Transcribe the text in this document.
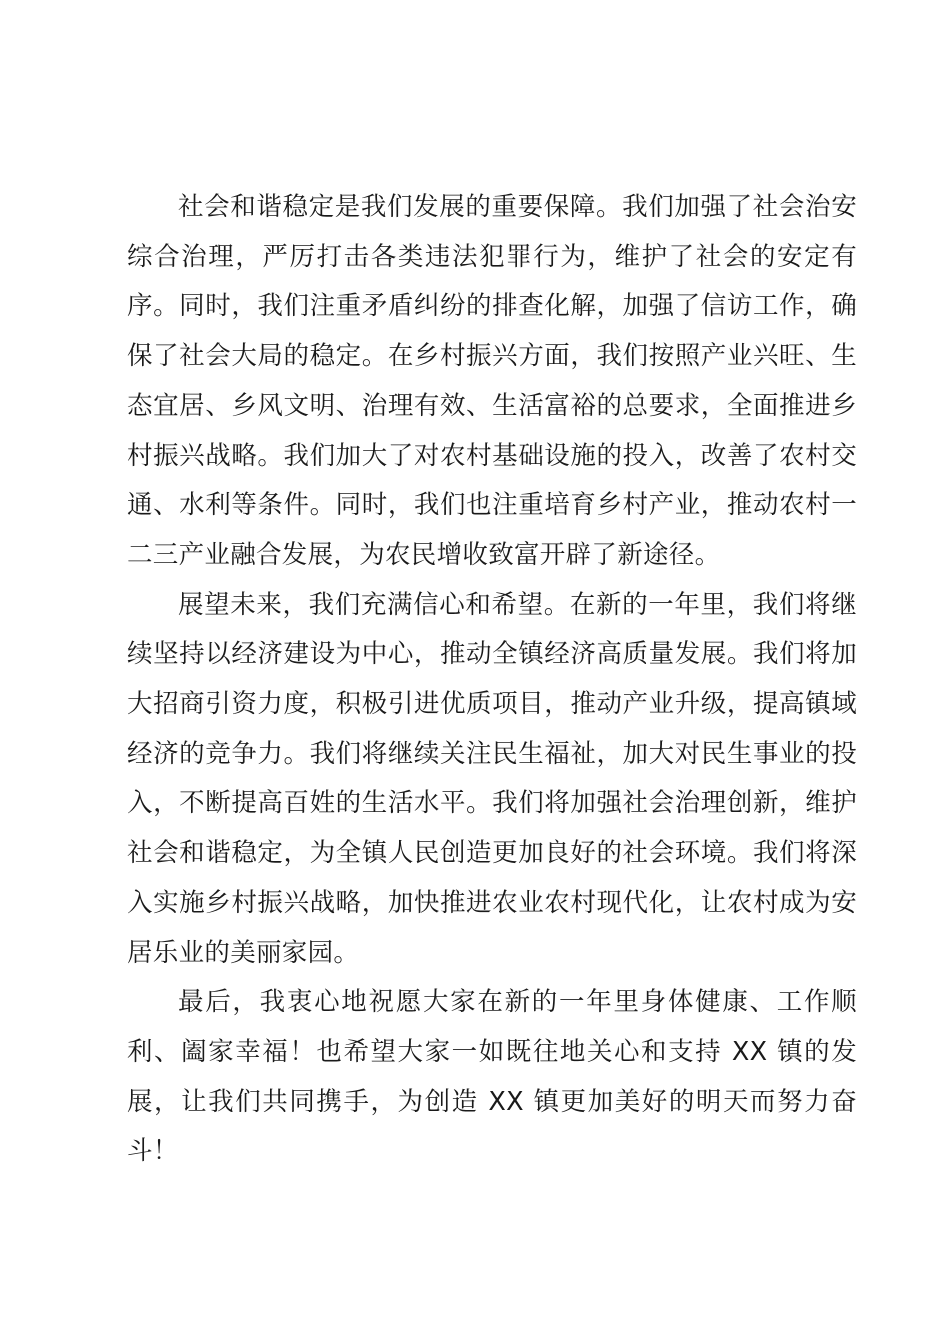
社会和谐稳定是我们发展的重要保障。我们加强了社会治安综合治理，严厉打击各类违法犯罪行为，维护了社会的安定有序。同时，我们注重矛盾纠纷的排查化解，加强了信访工作，确保了社会大局的稳定。在乡村振兴方面，我们按照产业兴旺、生态宜居、乡风文明、治理有效、生活富裕的总要求，全面推进乡村振兴战略。我们加大了对农村基础设施的投入，改善了农村交通、水利等条件。同时，我们也注重培育乡村产业，推动农村一二三产业融合发展，为农民增收致富开辟了新途径。

展望未来，我们充满信心和希望。在新的一年里，我们将继续坚持以经济建设为中心，推动全镇经济高质量发展。我们将加大招商引资力度，积极引进优质项目，推动产业升级，提高镇域经济的竞争力。我们将继续关注民生福祉，加大对民生事业的投入，不断提高百姓的生活水平。我们将加强社会治理创新，维护社会和谐稳定，为全镇人民创造更加良好的社会环境。我们将深入实施乡村振兴战略，加快推进农业农村现代化，让农村成为安居乐业的美丽家园。

最后，我衷心地祝愿大家在新的一年里身体健康、工作顺利、阖家幸福！也希望大家一如既往地关心和支持 XX 镇的发展，让我们共同携手，为创造 XX 镇更加美好的明天而努力奋斗！
